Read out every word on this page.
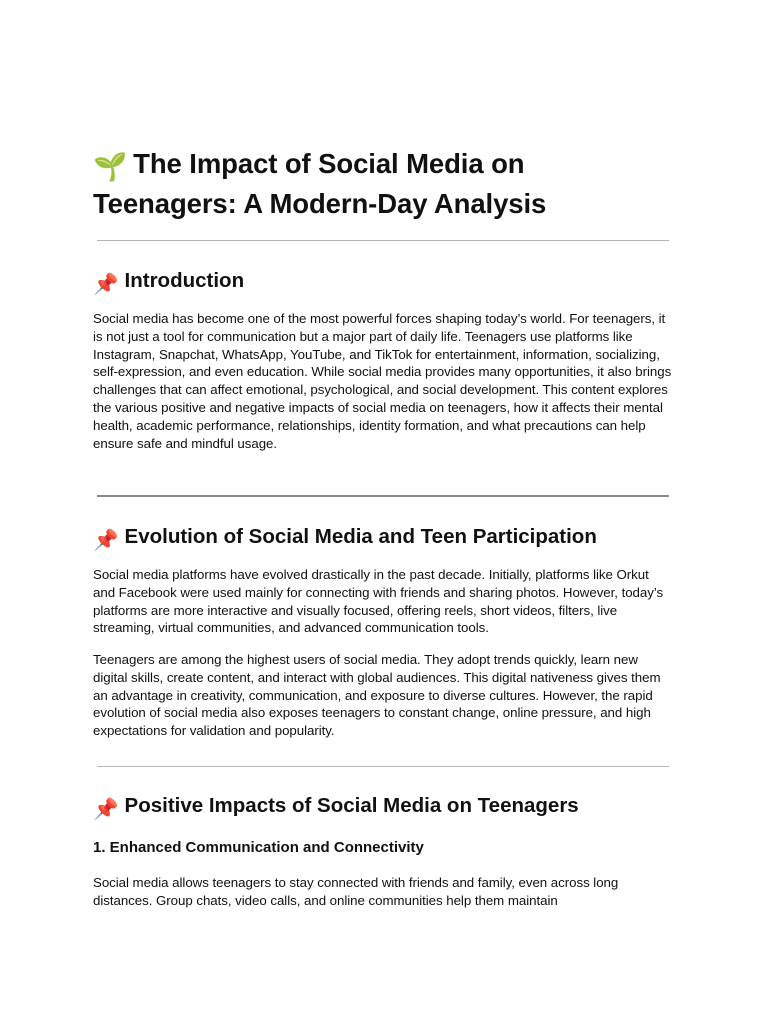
🌱 The Impact of Social Media on
Teenagers: A Modern-Day Analysis
📌 Introduction

Social media has become one of the most powerful forces shaping today’s world. For teenagers, it is not just a tool for communication but a major part of daily life. Teenagers use platforms like Instagram, Snapchat, WhatsApp, YouTube, and TikTok for entertainment, information, socializing, self-expression, and even education. While social media provides many opportunities, it also brings challenges that can affect emotional, psychological, and social development. This content explores the various positive and negative impacts of social media on teenagers, how it affects their mental health, academic performance, relationships, identity formation, and what precautions can help ensure safe and mindful usage.

📌 Evolution of Social Media and Teen Participation

Social media platforms have evolved drastically in the past decade. Initially, platforms like Orkut and Facebook were used mainly for connecting with friends and sharing photos. However, today’s platforms are more interactive and visually focused, offering reels, short videos, filters, live streaming, virtual communities, and advanced communication tools.

Teenagers are among the highest users of social media. They adopt trends quickly, learn new digital skills, create content, and interact with global audiences. This digital nativeness gives them an advantage in creativity, communication, and exposure to diverse cultures. However, the rapid evolution of social media also exposes teenagers to constant change, online pressure, and high expectations for validation and popularity.

📌 Positive Impacts of Social Media on Teenagers
1. Enhanced Communication and Connectivity

Social media allows teenagers to stay connected with friends and family, even across long distances. Group chats, video calls, and online communities help them maintain
